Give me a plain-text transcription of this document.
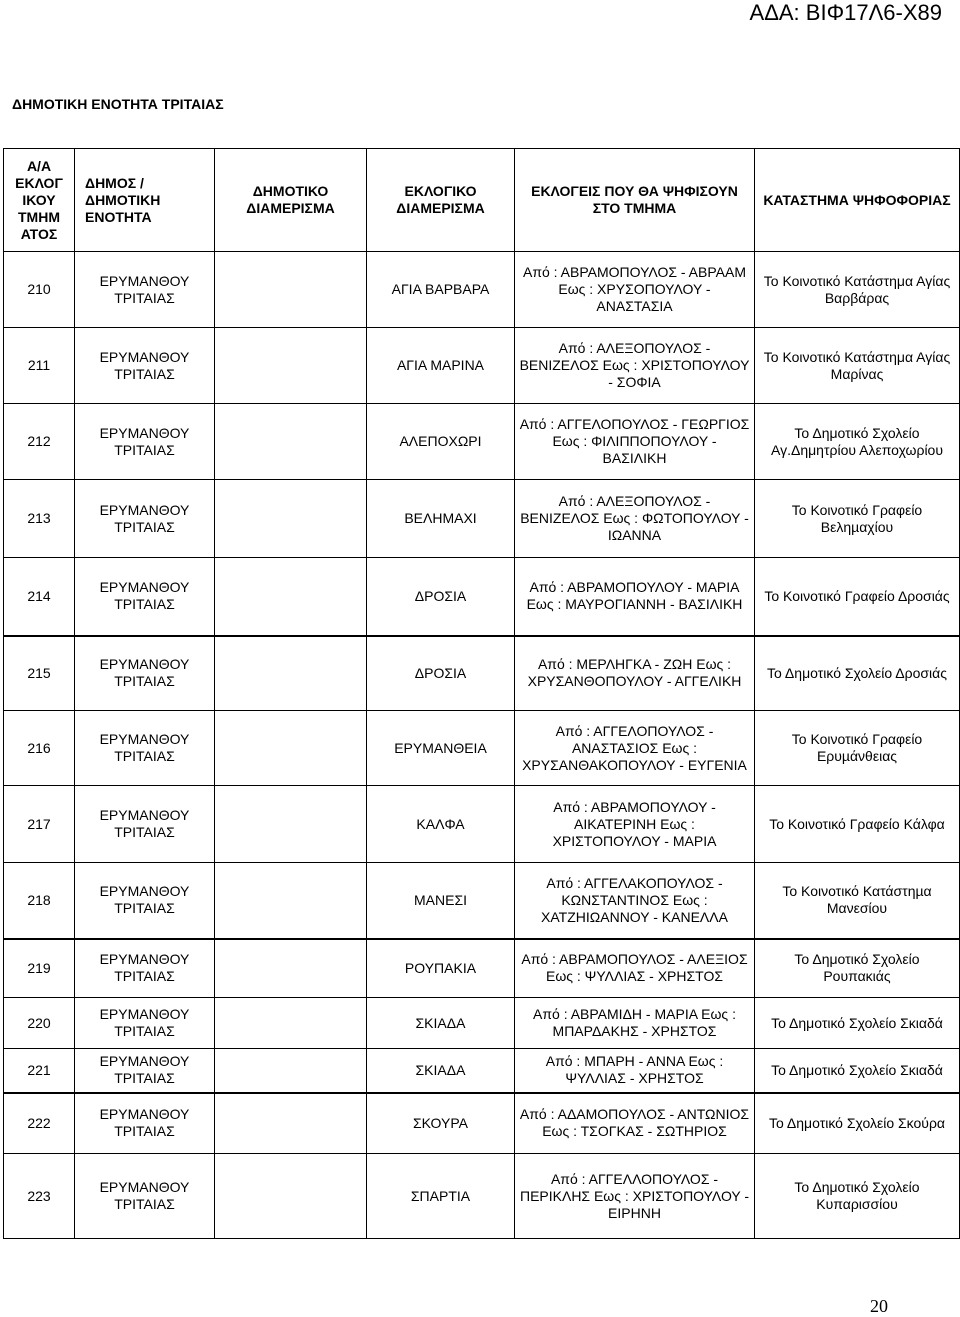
ΑΔΑ: ΒΙΦ17Λ6-Χ89
ΔΗΜΟΤΙΚΗ ΕΝΟΤΗΤΑ ΤΡΙΤΑΙΑΣ
Α/Α ΕΚΛΟΓ ΙΚΟΥ ΤΜΗΜ ΑΤΟΣ	ΔΗΜΟΣ / ΔΗΜΟΤΙΚΗ ΕΝΟΤΗΤΑ	ΔΗΜΟΤΙΚΟ ΔΙΑΜΕΡΙΣΜΑ	ΕΚΛΟΓΙΚΟ ΔΙΑΜΕΡΙΣΜΑ	ΕΚΛΟΓΕΙΣ ΠΟΥ ΘΑ ΨΗΦΙΣΟΥΝ ΣΤΟ ΤΜΗΜΑ	ΚΑΤΑΣΤΗΜΑ ΨΗΦΟΦΟΡΙΑΣ
210	ΕΡΥΜΑΝΘΟΥ ΤΡΙΤΑΙΑΣ		ΑΓΙΑ ΒΑΡΒΑΡΑ	Από : ΑΒΡΑΜΟΠΟΥΛΟΣ - ΑΒΡΑΑΜ Εως : ΧΡΥΣΟΠΟΥΛΟΥ - ΑΝΑΣΤΑΣΙΑ	Το Κοινοτικό Κατάστημα Αγίας Βαρβάρας
211	ΕΡΥΜΑΝΘΟΥ ΤΡΙΤΑΙΑΣ		ΑΓΙΑ ΜΑΡΙΝΑ	Από : ΑΛΕΞΟΠΟΥΛΟΣ - ΒΕΝΙΖΕΛΟΣ Εως : ΧΡΙΣΤΟΠΟΥΛΟΥ - ΣΟΦΙΑ	Το Κοινοτικό Κατάστημα Αγίας Μαρίνας
212	ΕΡΥΜΑΝΘΟΥ ΤΡΙΤΑΙΑΣ		ΑΛΕΠΟΧΩΡΙ	Από : ΑΓΓΕΛΟΠΟΥΛΟΣ - ΓΕΩΡΓΙΟΣ Εως : ΦΙΛΙΠΠΟΠΟΥΛΟΥ - ΒΑΣΙΛΙΚΗ	Το Δημοτικό Σχολείο Αγ.Δημητρίου Αλεποχωρίου
213	ΕΡΥΜΑΝΘΟΥ ΤΡΙΤΑΙΑΣ		ΒΕΛΗΜΑΧΙ	Από : ΑΛΕΞΟΠΟΥΛΟΣ - ΒΕΝΙΖΕΛΟΣ Εως : ΦΩΤΟΠΟΥΛΟΥ - ΙΩΑΝΝΑ	Το Κοινοτικό Γραφείο Βεληµαχίου
214	ΕΡΥΜΑΝΘΟΥ ΤΡΙΤΑΙΑΣ		ΔΡΟΣΙΑ	Από : ΑΒΡΑΜΟΠΟΥΛΟΥ - ΜΑΡΙΑ Εως : ΜΑΥΡΟΓΙΑΝΝΗ - ΒΑΣΙΛΙΚΗ	Το Κοινοτικό Γραφείο Δροσιάς
215	ΕΡΥΜΑΝΘΟΥ ΤΡΙΤΑΙΑΣ		ΔΡΟΣΙΑ	Από : ΜΕΡΛΗΓΚΑ - ΖΩΗ Εως : ΧΡΥΣΑΝΘΟΠΟΥΛΟΥ - ΑΓΓΕΛΙΚΗ	Το Δημοτικό Σχολείο Δροσιάς
216	ΕΡΥΜΑΝΘΟΥ ΤΡΙΤΑΙΑΣ		ΕΡΥΜΑΝΘΕΙΑ	Από : ΑΓΓΕΛΟΠΟΥΛΟΣ - ΑΝΑΣΤΑΣΙΟΣ Εως : ΧΡΥΣΑΝΘΑΚΟΠΟΥΛΟΥ - ΕΥΓΕΝΙΑ	Το Κοινοτικό Γραφείο Ερυµάνθειας
217	ΕΡΥΜΑΝΘΟΥ ΤΡΙΤΑΙΑΣ		ΚΑΛΦΑ	Από : ΑΒΡΑΜΟΠΟΥΛΟΥ - ΑΙΚΑΤΕΡΙΝΗ Εως : ΧΡΙΣΤΟΠΟΥΛΟΥ - ΜΑΡΙΑ	Το Κοινοτικό Γραφείο Κάλφα
218	ΕΡΥΜΑΝΘΟΥ ΤΡΙΤΑΙΑΣ		ΜΑΝΕΣΙ	Από : ΑΓΓΕΛΑΚΟΠΟΥΛΟΣ - ΚΩΝΣΤΑΝΤΙΝΟΣ Εως : ΧΑΤΖΗΙΩΑΝΝΟΥ - ΚΑΝΕΛΛΑ	Το Κοινοτικό Κατάστηµα Μανεσίου
219	ΕΡΥΜΑΝΘΟΥ ΤΡΙΤΑΙΑΣ		ΡΟΥΠΑΚΙΑ	Από : ΑΒΡΑΜΟΠΟΥΛΟΣ - ΑΛΕΞΙΟΣ Εως : ΨΥΛΛΙΑΣ - ΧΡΗΣΤΟΣ	Το Δημοτικό Σχολείο Ρουπακιάς
220	ΕΡΥΜΑΝΘΟΥ ΤΡΙΤΑΙΑΣ		ΣΚΙΑΔΑ	Από : ΑΒΡΑΜΙΔΗ - ΜΑΡΙΑ Εως : ΜΠΑΡΔΑΚΗΣ - ΧΡΗΣΤΟΣ	Το Δημοτικό Σχολείο Σκιαδά
221	ΕΡΥΜΑΝΘΟΥ ΤΡΙΤΑΙΑΣ		ΣΚΙΑΔΑ	Από : ΜΠΑΡΗ - ΑΝΝΑ Εως : ΨΥΛΛΙΑΣ - ΧΡΗΣΤΟΣ	Το Δημοτικό Σχολείο Σκιαδά
222	ΕΡΥΜΑΝΘΟΥ ΤΡΙΤΑΙΑΣ		ΣΚΟΥΡΑ	Από : ΑΔΑΜΟΠΟΥΛΟΣ - ΑΝΤΩΝΙΟΣ Εως : ΤΣΟΓΚΑΣ - ΣΩΤΗΡΙΟΣ	Το Δημοτικό Σχολείο Σκούρα
223	ΕΡΥΜΑΝΘΟΥ ΤΡΙΤΑΙΑΣ		ΣΠΑΡΤΙΑ	Από : ΑΓΓΕΛΛΟΠΟΥΛΟΣ - ΠΕΡΙΚΛΗΣ Εως : ΧΡΙΣΤΟΠΟΥΛΟΥ - ΕΙΡΗΝΗ	Το Δημοτικό Σχολείο Κυπαρισσίου
20
